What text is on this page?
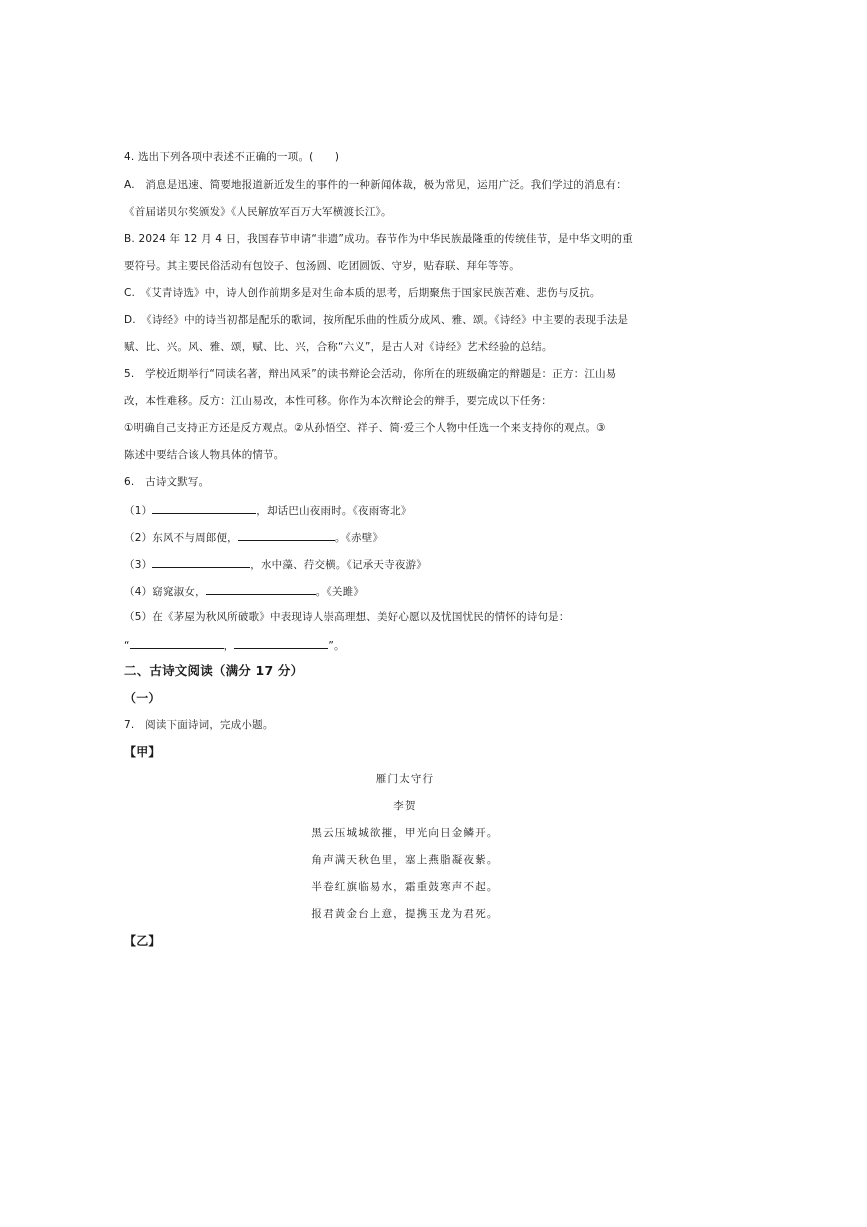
4. 选出下列各项中表述不正确的一项。(　　)
A.　消息是迅速、简要地报道新近发生的事件的一种新闻体裁，极为常见，运用广泛。我们学过的消息有：
《首届诺贝尔奖颁发》《人民解放军百万大军横渡长江》。
B. 2024 年 12 月 4 日，我国春节申请“非遗”成功。春节作为中华民族最隆重的传统佳节，是中华文明的重
要符号。其主要民俗活动有包饺子、包汤圆、吃团圆饭、守岁，贴春联、拜年等等。
C.　《艾青诗选》中，诗人创作前期多是对生命本质的思考，后期聚焦于国家民族苦难、悲伤与反抗。
D.　《诗经》中的诗当初都是配乐的歌词，按所配乐曲的性质分成风、雅、颂。《诗经》中主要的表现手法是
赋、比、兴。风、雅、颂，赋、比、兴，合称“六义”，是古人对《诗经》艺术经验的总结。
5.　学校近期举行“同读名著，辩出风采”的读书辩论会活动，你所在的班级确定的辩题是：正方：江山易
改，本性难移。反方：江山易改，本性可移。你作为本次辩论会的辩手，要完成以下任务：
①明确自己支持正方还是反方观点。②从孙悟空、祥子、简·爱三个人物中任选一个来支持你的观点。③
陈述中要结合该人物具体的情节。
6.　古诗文默写。
（1）	，却话巴山夜雨时。《夜雨寄北》
（2）东风不与周郎便，	。《赤壁》
（3）	，水中藻、荇交横。《记承天寺夜游》
（4）窈窕淑女，	。《关雎》
（5）在《茅屋为秋风所破歌》中表现诗人崇高理想、美好心愿以及忧国忧民的情怀的诗句是：
“	，	”。
二、古诗文阅读（满分 17 分）
（一）
7.　阅读下面诗词，完成小题。
【甲】
雁门太守行
李贺
黑云压城城欲摧，甲光向日金鳞开。
角声满天秋色里，塞上燕脂凝夜紫。
半卷红旗临易水，霜重鼓寒声不起。
报君黄金台上意，提携玉龙为君死。
【乙】
